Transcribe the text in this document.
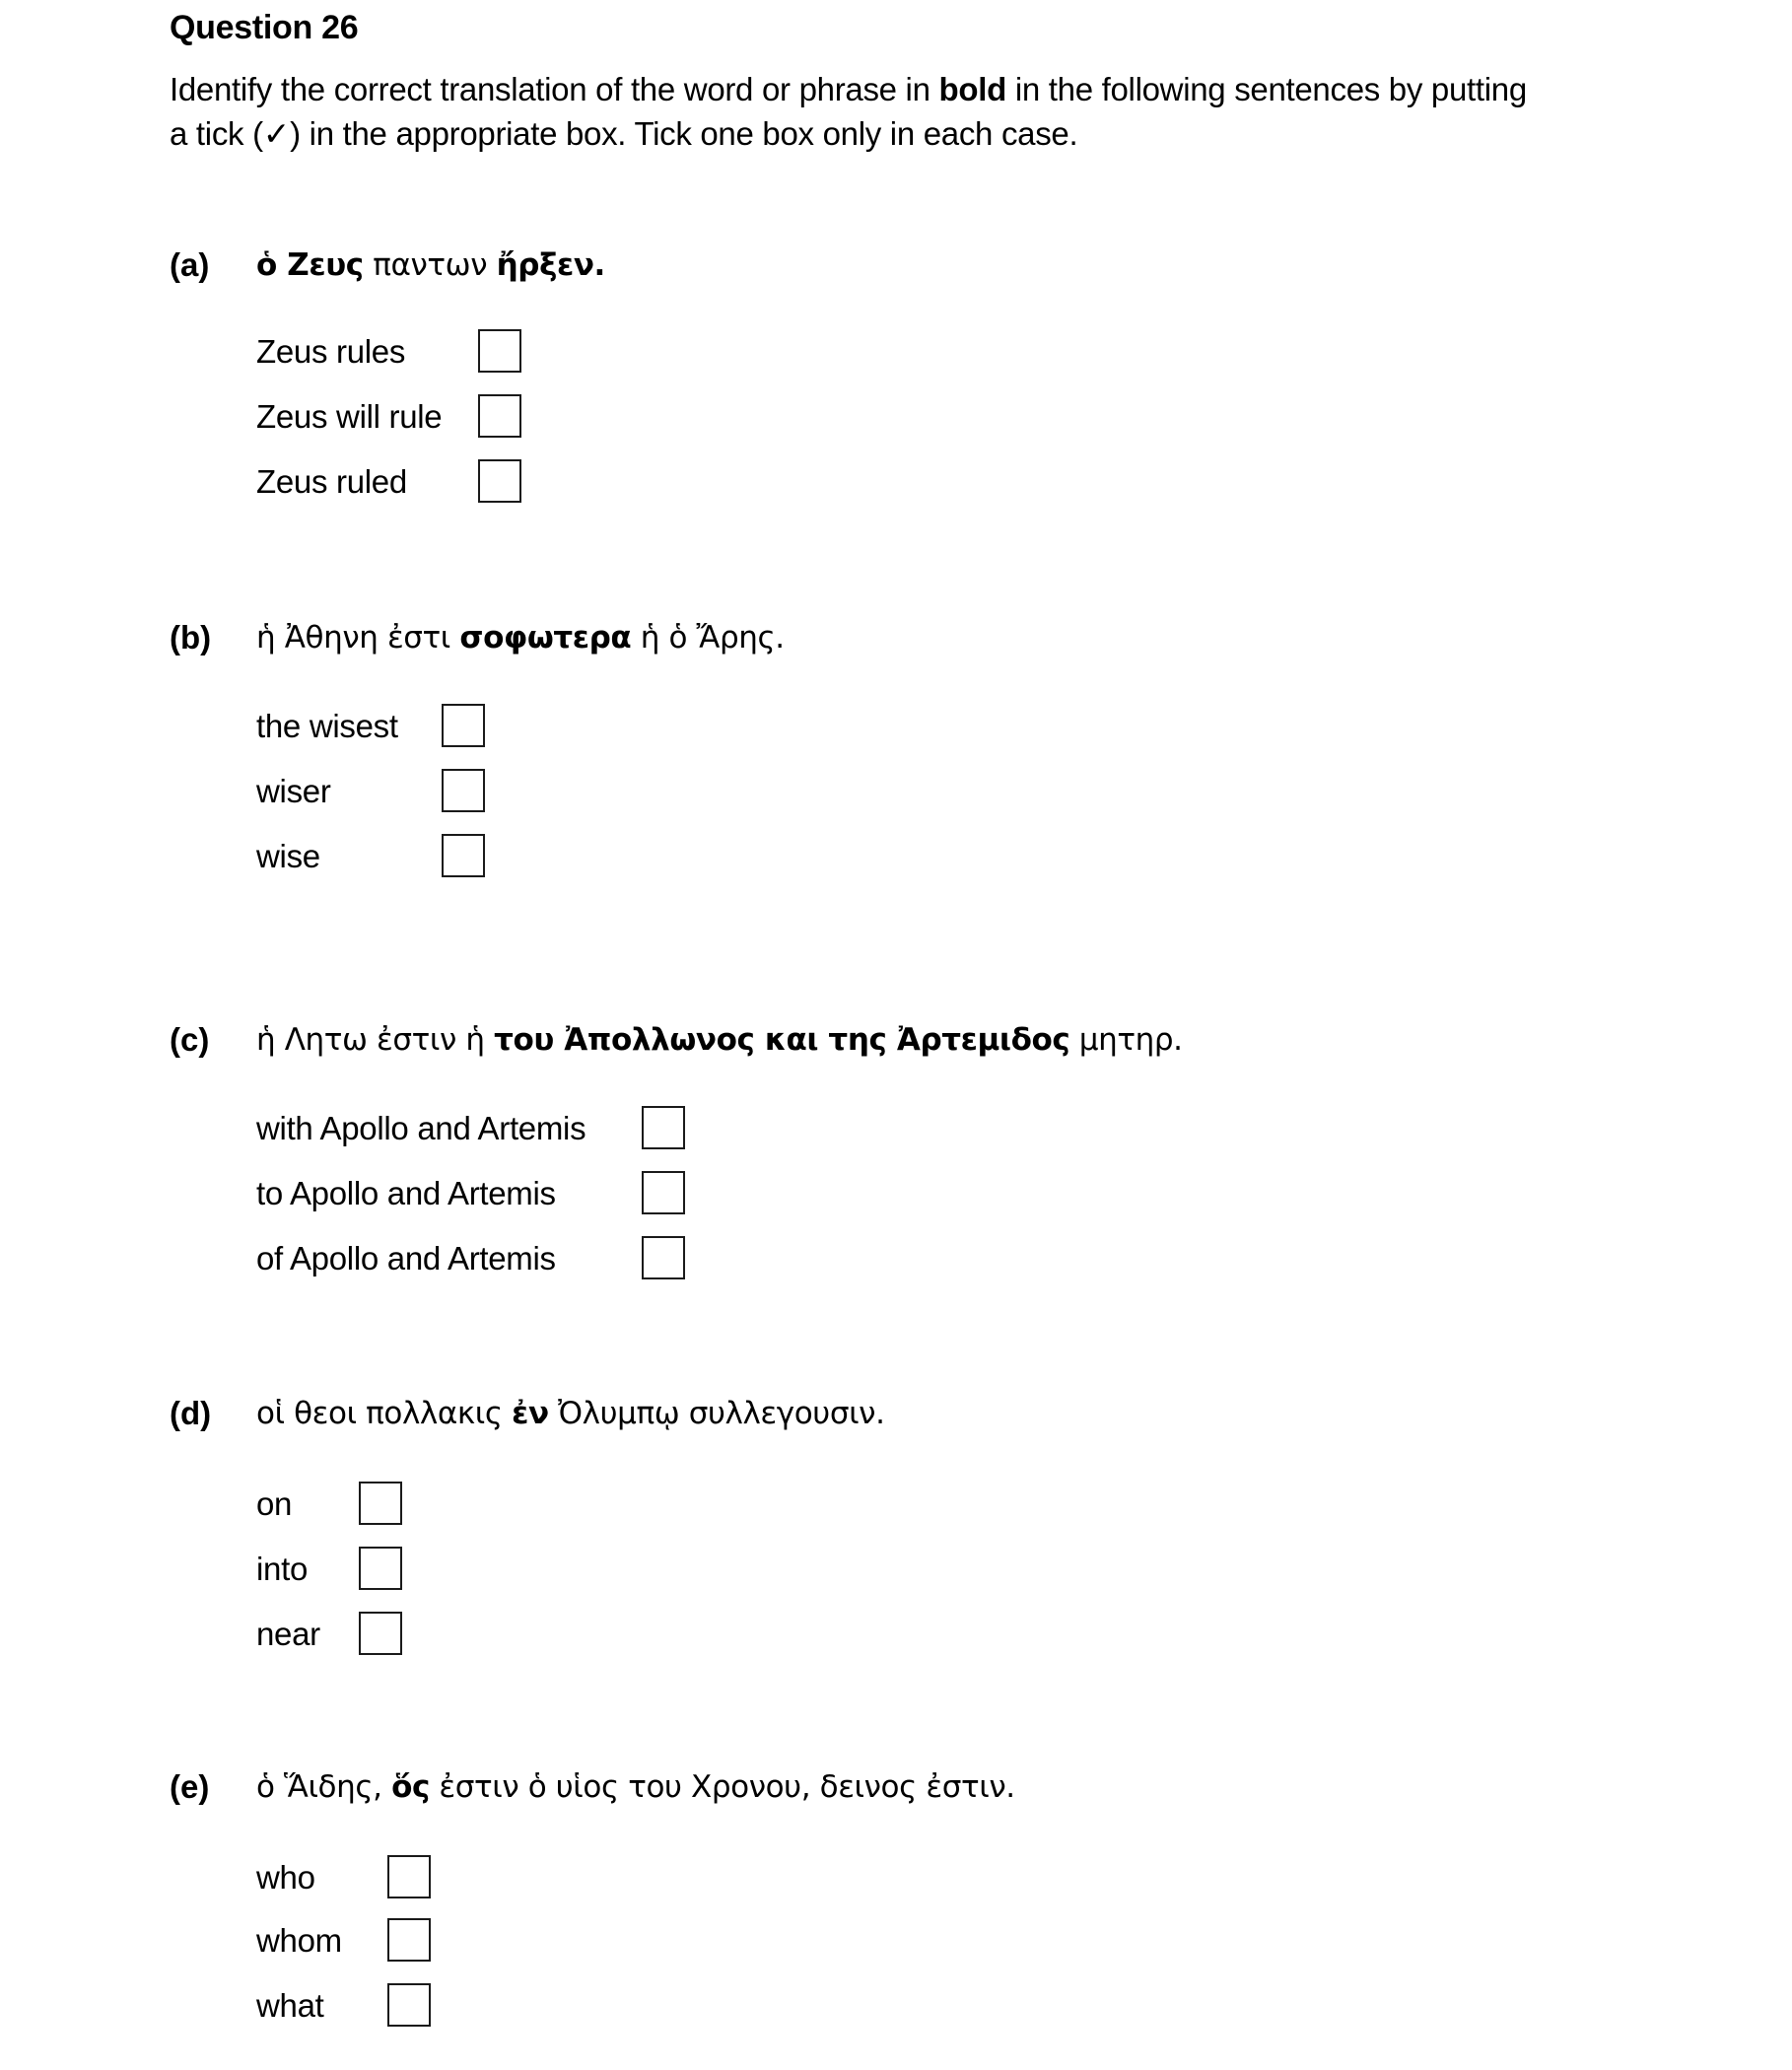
Question 26
Identify the correct translation of the word or phrase in bold in the following sentences by putting
a tick (✓) in the appropriate box. Tick one box only in each case.
(a) ὁ Ζευς παντων ἤρξεν.
Zeus rules
Zeus will rule
Zeus ruled
(b) ἡ Ἀθηνη ἐστι σοφωτερα ἡ ὁ Ἄρης.
the wisest
wiser
wise
(c) ἡ Λητω ἐστιν ἡ του Ἀπολλωνος και της Ἀρτεμιδος μητηρ.
with Apollo and Artemis
to Apollo and Artemis
of Apollo and Artemis
(d) οἱ θεοι πολλακις ἐν Ὀλυμπῳ συλλεγουσιν.
on
into
near
(e) ὁ Ἅιδης, ὅς ἐστιν ὁ υἱος του Χρονου, δεινος ἐστιν.
who
whom
what
